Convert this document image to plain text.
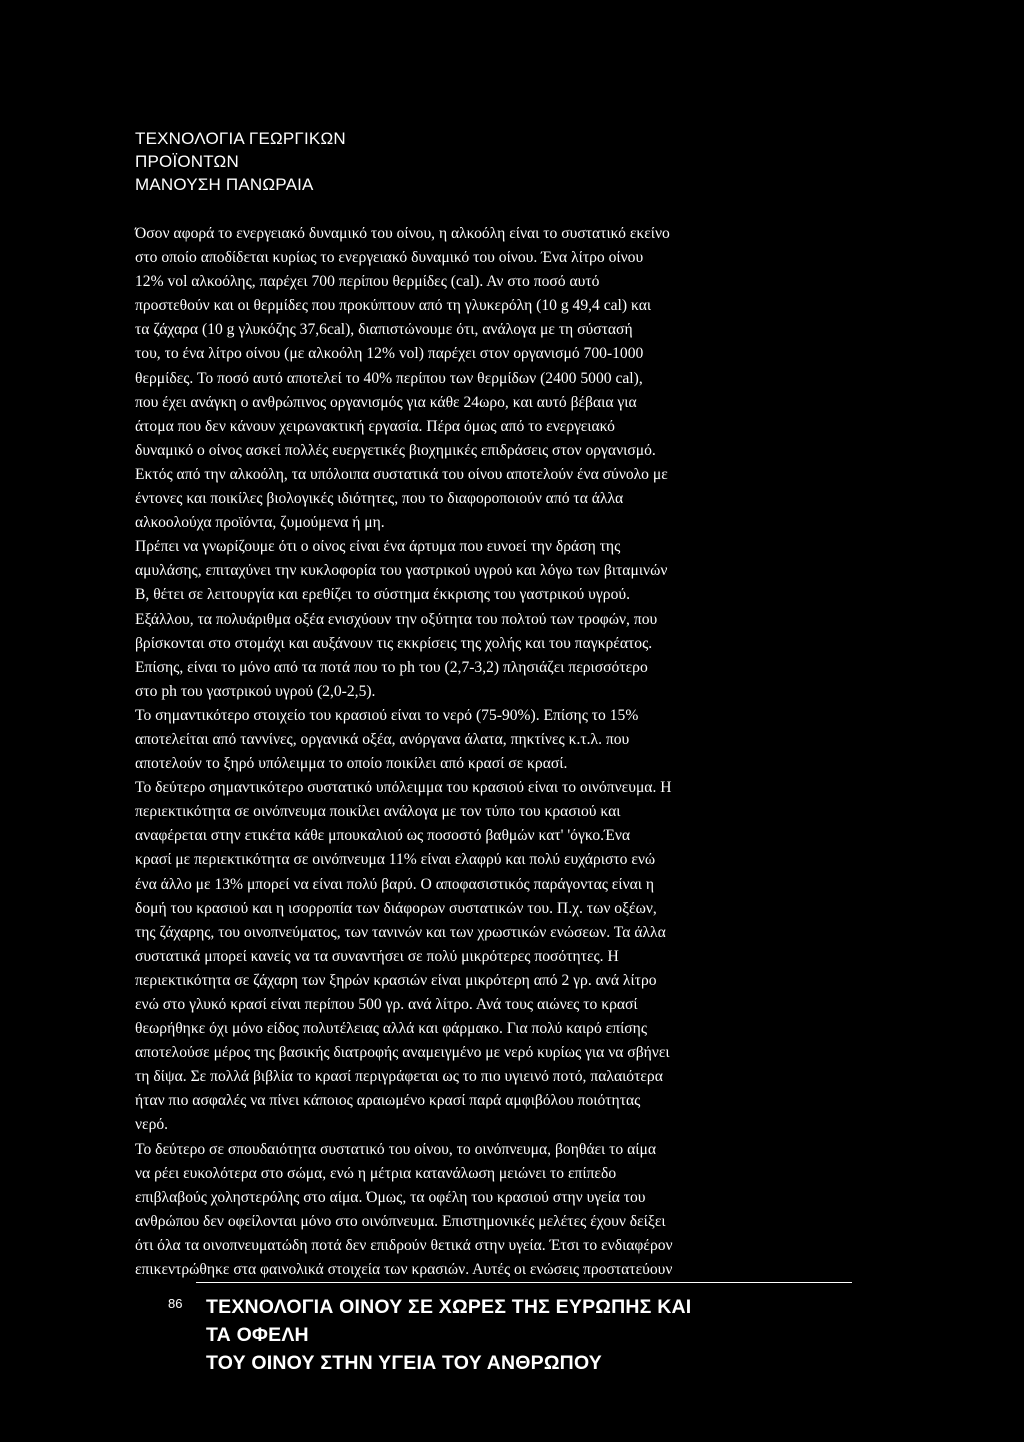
ΤΕΧΝΟΛΟΓΙΑ ΓΕΩΡΓΙΚΩΝ
ΠΡΟΪΟΝΤΩΝ
ΜΑΝΟΥΣΗ ΠΑΝΩΡΑΙΑ
Όσον αφορά το ενεργειακό δυναμικό του οίνου, η αλκοόλη είναι το συστατικό εκείνο
στο οποίο αποδίδεται κυρίως το ενεργειακό δυναμικό του οίνου. Ένα λίτρο οίνου
12% vol αλκοόλης, παρέχει 700 περίπου θερμίδες (cal). Αν στο ποσό αυτό
προστεθούν και οι θερμίδες που προκύπτουν από τη γλυκερόλη (10 g 49,4 cal) και
τα ζάχαρα (10 g γλυκόζης 37,6cal), διαπιστώνουμε ότι, ανάλογα με τη σύστασή
του, το ένα λίτρο οίνου (με αλκοόλη 12% vol) παρέχει στον οργανισμό 700-1000
θερμίδες. Το ποσό αυτό αποτελεί το 40% περίπου των θερμίδων (2400 5000 cal),
που έχει ανάγκη ο ανθρώπινος οργανισμός για κάθε 24ωρο, και αυτό βέβαια για
άτομα που δεν κάνουν χειρωνακτική εργασία. Πέρα όμως από το ενεργειακό
δυναμικό ο οίνος ασκεί πολλές ευεργετικές βιοχημικές επιδράσεις στον οργανισμό.
Εκτός από την αλκοόλη, τα υπόλοιπα συστατικά του οίνου αποτελούν ένα σύνολο με
έντονες και ποικίλες βιολογικές ιδιότητες, που το διαφοροποιούν από τα άλλα
αλκοολούχα προϊόντα, ζυμούμενα ή μη.
Πρέπει να γνωρίζουμε ότι ο οίνος είναι ένα άρτυμα που ευνοεί την δράση της
αμυλάσης, επιταχύνει την κυκλοφορία του γαστρικού υγρού και λόγω των βιταμινών
Β, θέτει σε λειτουργία και ερεθίζει το σύστημα έκκρισης του γαστρικού υγρού.
Εξάλλου, τα πολυάριθμα οξέα ενισχύουν την οξύτητα του πολτού των τροφών, που
βρίσκονται στο στομάχι και αυξάνουν τις εκκρίσεις της χολής και του παγκρέατος.
Επίσης, είναι το μόνο από τα ποτά που το ph του (2,7-3,2) πλησιάζει περισσότερο
στο ph του γαστρικού υγρού (2,0-2,5).
Το σημαντικότερο στοιχείο του κρασιού είναι το νερό (75-90%). Επίσης το 15%
αποτελείται από ταννίνες, οργανικά οξέα, ανόργανα άλατα, πηκτίνες κ.τ.λ. που
αποτελούν το ξηρό υπόλειμμα το οποίο ποικίλει από κρασί σε κρασί.
Το δεύτερο σημαντικότερο συστατικό υπόλειμμα του κρασιού είναι το οινόπνευμα. Η
περιεκτικότητα σε οινόπνευμα ποικίλει ανάλογα με τον τύπο του κρασιού και
αναφέρεται στην ετικέτα κάθε μπουκαλιού ως ποσοστό βαθμών κατ' 'όγκο.Ένα
κρασί με περιεκτικότητα σε οινόπνευμα 11% είναι ελαφρύ και πολύ ευχάριστο ενώ
ένα άλλο με 13% μπορεί να είναι πολύ βαρύ. Ο αποφασιστικός παράγοντας είναι η
δομή του κρασιού και η ισορροπία των διάφορων συστατικών του. Π.χ. των οξέων,
της ζάχαρης, του οινοπνεύματος, των τανινών και των χρωστικών ενώσεων. Τα άλλα
συστατικά μπορεί κανείς να τα συναντήσει σε πολύ μικρότερες ποσότητες. Η
περιεκτικότητα σε ζάχαρη των ξηρών κρασιών είναι μικρότερη από 2 γρ. ανά λίτρο
ενώ στο γλυκό κρασί είναι περίπου 500 γρ. ανά λίτρο. Ανά τους αιώνες το κρασί
θεωρήθηκε όχι μόνο είδος πολυτέλειας αλλά και φάρμακο. Για πολύ καιρό επίσης
αποτελούσε μέρος της βασικής διατροφής αναμειγμένο με νερό κυρίως για να σβήνει
τη δίψα. Σε πολλά βιβλία το κρασί περιγράφεται ως το πιο υγιεινό ποτό, παλαιότερα
ήταν πιο ασφαλές να πίνει κάποιος αραιωμένο κρασί παρά αμφιβόλου ποιότητας
νερό.
Το δεύτερο σε σπουδαιότητα συστατικό του οίνου, το οινόπνευμα, βοηθάει το αίμα
να ρέει ευκολότερα στο σώμα, ενώ η μέτρια κατανάλωση μειώνει το επίπεδο
επιβλαβούς χοληστερόλης στο αίμα. Όμως, τα οφέλη του κρασιού στην υγεία του
ανθρώπου δεν οφείλονται μόνο στο οινόπνευμα. Επιστημονικές μελέτες έχουν δείξει
ότι όλα τα οινοπνευματώδη ποτά δεν επιδρούν θετικά στην υγεία. Έτσι το ενδιαφέρον
επικεντρώθηκε στα φαινολικά στοιχεία των κρασιών. Αυτές οι ενώσεις προστατεύουν
86 ΤΕΧΝΟΛΟΓΙΑ ΟΙΝΟΥ ΣΕ ΧΩΡΕΣ ΤΗΣ ΕΥΡΩΠΗΣ ΚΑΙ
ΤΑ ΟΦΕΛΗ
ΤΟΥ ΟΙΝΟΥ ΣΤΗΝ ΥΓΕΙΑ ΤΟΥ ΑΝΘΡΩΠΟΥ
